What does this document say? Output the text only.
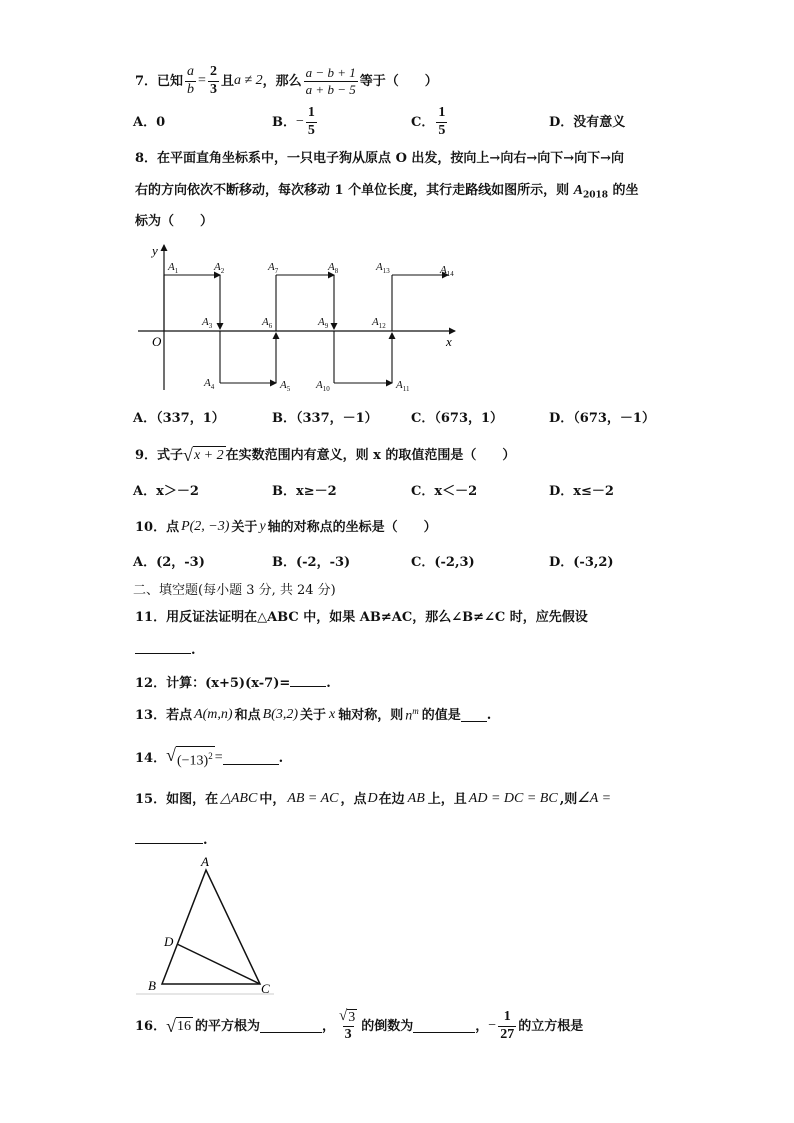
7．已知 $\frac{a}{b} = \frac{2}{3}$ 且 a ≠ 2 ，那么 $\frac{a - b + 1}{a + b - 5}$ 等于（　　）
A．0	B． − $\frac{1}{5}$	C． $\frac{1}{5}$	D．没有意义
8．在平面直角坐标系中，一只电子狗从原点 O 出发，按向上→向右→向下→向下→向
右的方向依次不断移动，每次移动 1 个单位长度，其行走路线如图所示，则 $A_{2018}$ 的坐
标为（　　）
y
x
O
$A_1$	$A_2$
$A_3$
$A_4$	$A_5$
$A_6$
$A_7$	$A_8$
$A_9$
$A_{10}$	$A_{11}$
$A_{12}$
$A_{13}$	$A_{14}$
A．（337，1）	B．（337，－1）	C．（673，1）	D．（673，－1）
9．式子 √ x + 2 在实数范围内有意义，则 x 的取值范围是（　　）
A．x＞－2	B．x≥－2	C．x＜－2	D．x≤－2
10．点 P(2, −3) 关于 y 轴的对称点的坐标是（　　）
A．(2，-3)	B．(-2，-3)	C．(-2,3)	D．(-3,2)
二、填空题(每小题 3 分, 共 24 分)
11．用反证法证明在△ABC 中，如果 AB≠AC，那么∠B≠∠C 时，应先假设
.
12．计算：(x+5)(x-7)=	.
13．若点 A(m,n) 和点 B(3,2) 关于 x 轴对称，则 $n^m$ 的值是 .
14． √ $(-13)^2$ =	.
15．如图，在 △ABC 中， AB = AC ，点 D 在边 AB 上，且 AD = DC = BC ,则 ∠A =
.
A
B	C
D
16． √ 16 的平方根为	， $\frac{√ 3}{3}$ 的倒数为	， − $\frac{1}{27}$ 的立方根是
